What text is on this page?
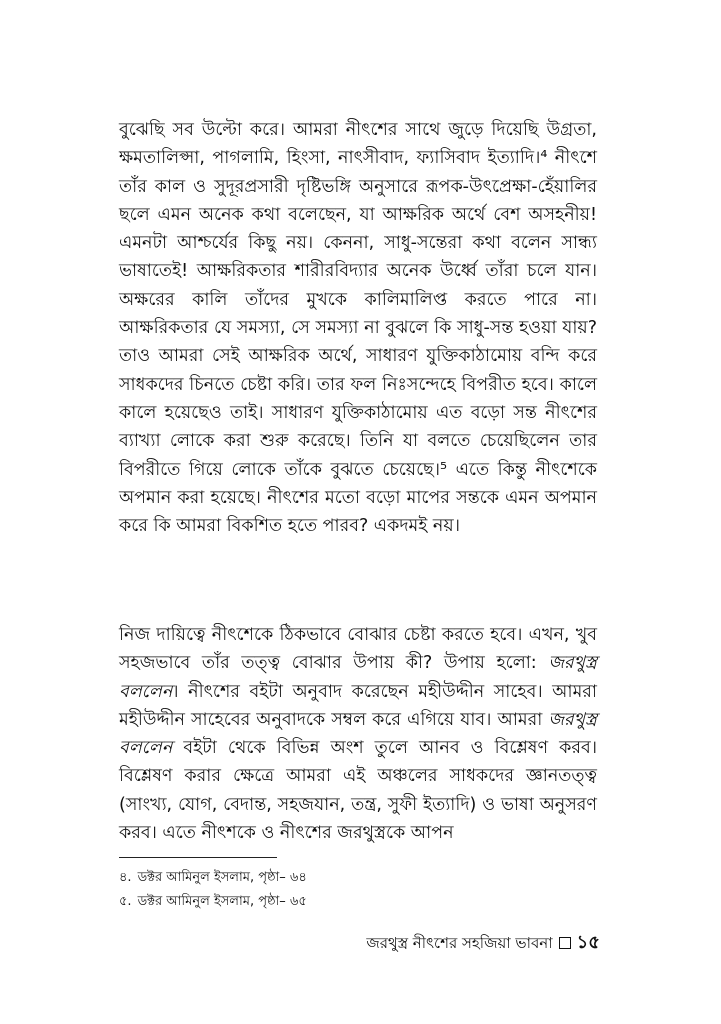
বুঝেছি সব উল্টো করে। আমরা নীৎশের সাথে জুড়ে দিয়েছি উগ্রতা, ক্ষমতালিপ্সা, পাগলামি, হিংসা, নাৎসীবাদ, ফ্যাসিবাদ ইত্যাদি।⁴ নীৎশে তাঁর কাল ও সুদূরপ্রসারী দৃষ্টিভঙ্গি অনুসারে রূপক-উৎপ্রেক্ষা-হেঁয়ালির ছলে এমন অনেক কথা বলেছেন, যা আক্ষরিক অর্থে বেশ অসহনীয়! এমনটা আশ্চর্যের কিছু নয়। কেননা, সাধু-সন্তেরা কথা বলেন সান্ধ্য ভাষাতেই! আক্ষরিকতার শারীরবিদ্যার অনেক উর্ধ্বে তাঁরা চলে যান। অক্ষরের কালি তাঁদের মুখকে কালিমালিপ্ত করতে পারে না। আক্ষরিকতার যে সমস্যা, সে সমস্যা না বুঝলে কি সাধু-সন্ত হওয়া যায়? তাও আমরা সেই আক্ষরিক অর্থে, সাধারণ যুক্তিকাঠামোয় বন্দি করে সাধকদের চিনতে চেষ্টা করি। তার ফল নিঃসন্দেহে বিপরীত হবে। কালে কালে হয়েছেও তাই। সাধারণ যুক্তিকাঠামোয় এত বড়ো সন্ত নীৎশের ব্যাখ্যা লোকে করা শুরু করেছে। তিনি যা বলতে চেয়েছিলেন তার বিপরীতে গিয়ে লোকে তাঁকে বুঝতে চেয়েছে।⁵ এতে কিন্তু নীৎশেকে অপমান করা হয়েছে। নীৎশের মতো বড়ো মাপের সন্তকে এমন অপমান করে কি আমরা বিকশিত হতে পারব? একদমই নয়।

নিজ দায়িত্বে নীৎশেকে ঠিকভাবে বোঝার চেষ্টা করতে হবে। এখন, খুব সহজভাবে তাঁর তত্ত্ব বোঝার উপায় কী? উপায় হলো: জরথুস্ত্র বললেন। নীৎশের বইটা অনুবাদ করেছেন মহীউদ্দীন সাহেব। আমরা মহীউদ্দীন সাহেবের অনুবাদকে সম্বল করে এগিয়ে যাব। আমরা জরথুস্ত্র বললেন বইটা থেকে বিভিন্ন অংশ তুলে আনব ও বিশ্লেষণ করব। বিশ্লেষণ করার ক্ষেত্রে আমরা এই অঞ্চলের সাধকদের জ্ঞানতত্ত্ব (সাংখ্য, যোগ, বেদান্ত, সহজযান, তন্ত্র, সুফী ইত্যাদি) ও ভাষা অনুসরণ করব। এতে নীৎশকে ও নীৎশের জরথুস্ত্রকে আপন

৪. ডক্টর আমিনুল ইসলাম, পৃষ্ঠা– ৬৪
৫. ডক্টর আমিনুল ইসলাম, পৃষ্ঠা– ৬৫
জরথুস্ত্র নীৎশের সহজিয়া ভাবনা ১৫
